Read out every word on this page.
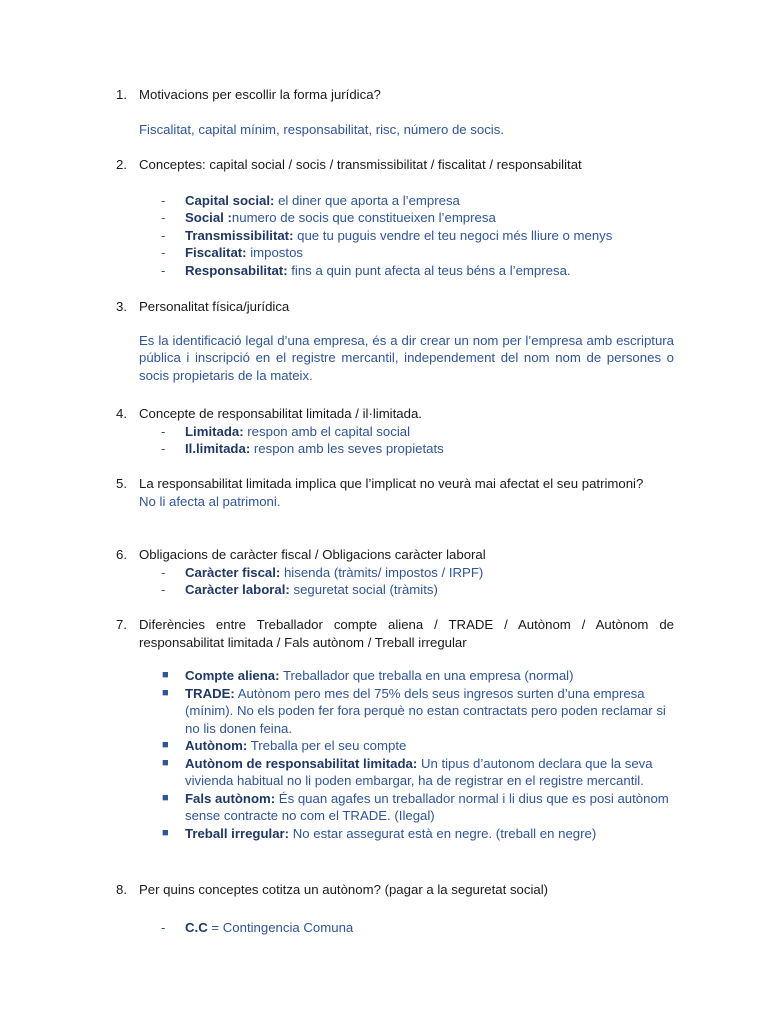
1. Motivacions per escollir la forma jurídica?
Fiscalitat, capital mínim, responsabilitat, risc, número de socis.
2. Conceptes: capital social / socis / transmissibilitat / fiscalitat / responsabilitat
- Capital social: el diner que aporta a l’empresa
- Social :numero de socis que constitueixen l’empresa
- Transmissibilitat: que tu puguis vendre el teu negoci més lliure o menys
- Fiscalitat: impostos
- Responsabilitat: fins a quin punt afecta al teus béns a l’empresa.
3. Personalitat física/jurídica
Es la identificació legal d’una empresa, és a dir crear un nom per l’empresa amb escriptura pública i inscripció en el registre mercantil, independement del nom nom de persones o socis propietaris de la mateix.
4. Concepte de responsabilitat limitada / il·limitada.
- Limitada: respon amb el capital social
- Il.limitada: respon amb les seves propietats
5. La responsabilitat limitada implica que l’implicat no veurà mai afectat el seu patrimoni?
No li afecta al patrimoni.
6. Obligacions de caràcter fiscal / Obligacions caràcter laboral
- Caràcter fiscal: hisenda (tràmits/ impostos / IRPF)
- Caràcter laboral: seguretat social (tràmits)
7. Diferències entre Treballador compte aliena / TRADE / Autònom / Autònom de responsabilitat limitada / Fals autònom / Treball irregular
■ Compte aliena: Treballador que treballa en una empresa (normal)
■ TRADE: Autònom pero mes del 75% dels seus ingresos surten d’una empresa (mínim). No els poden fer fora perquè no estan contractats pero poden reclamar si no lis donen feina.
■ Autònom: Treballa per el seu compte
■ Autònom de responsabilitat limitada: Un tipus d’autonom declara que la seva vivienda habitual no li poden embargar, ha de registrar en el registre mercantil.
■ Fals autònom: És quan agafes un treballador normal i li dius que es posi autònom sense contracte no com el TRADE. (Ilegal)
■ Treball irregular: No estar assegurat està en negre. (treball en negre)
8. Per quins conceptes cotitza un autònom? (pagar a la seguretat social)
- C.C = Contingencia Comuna
